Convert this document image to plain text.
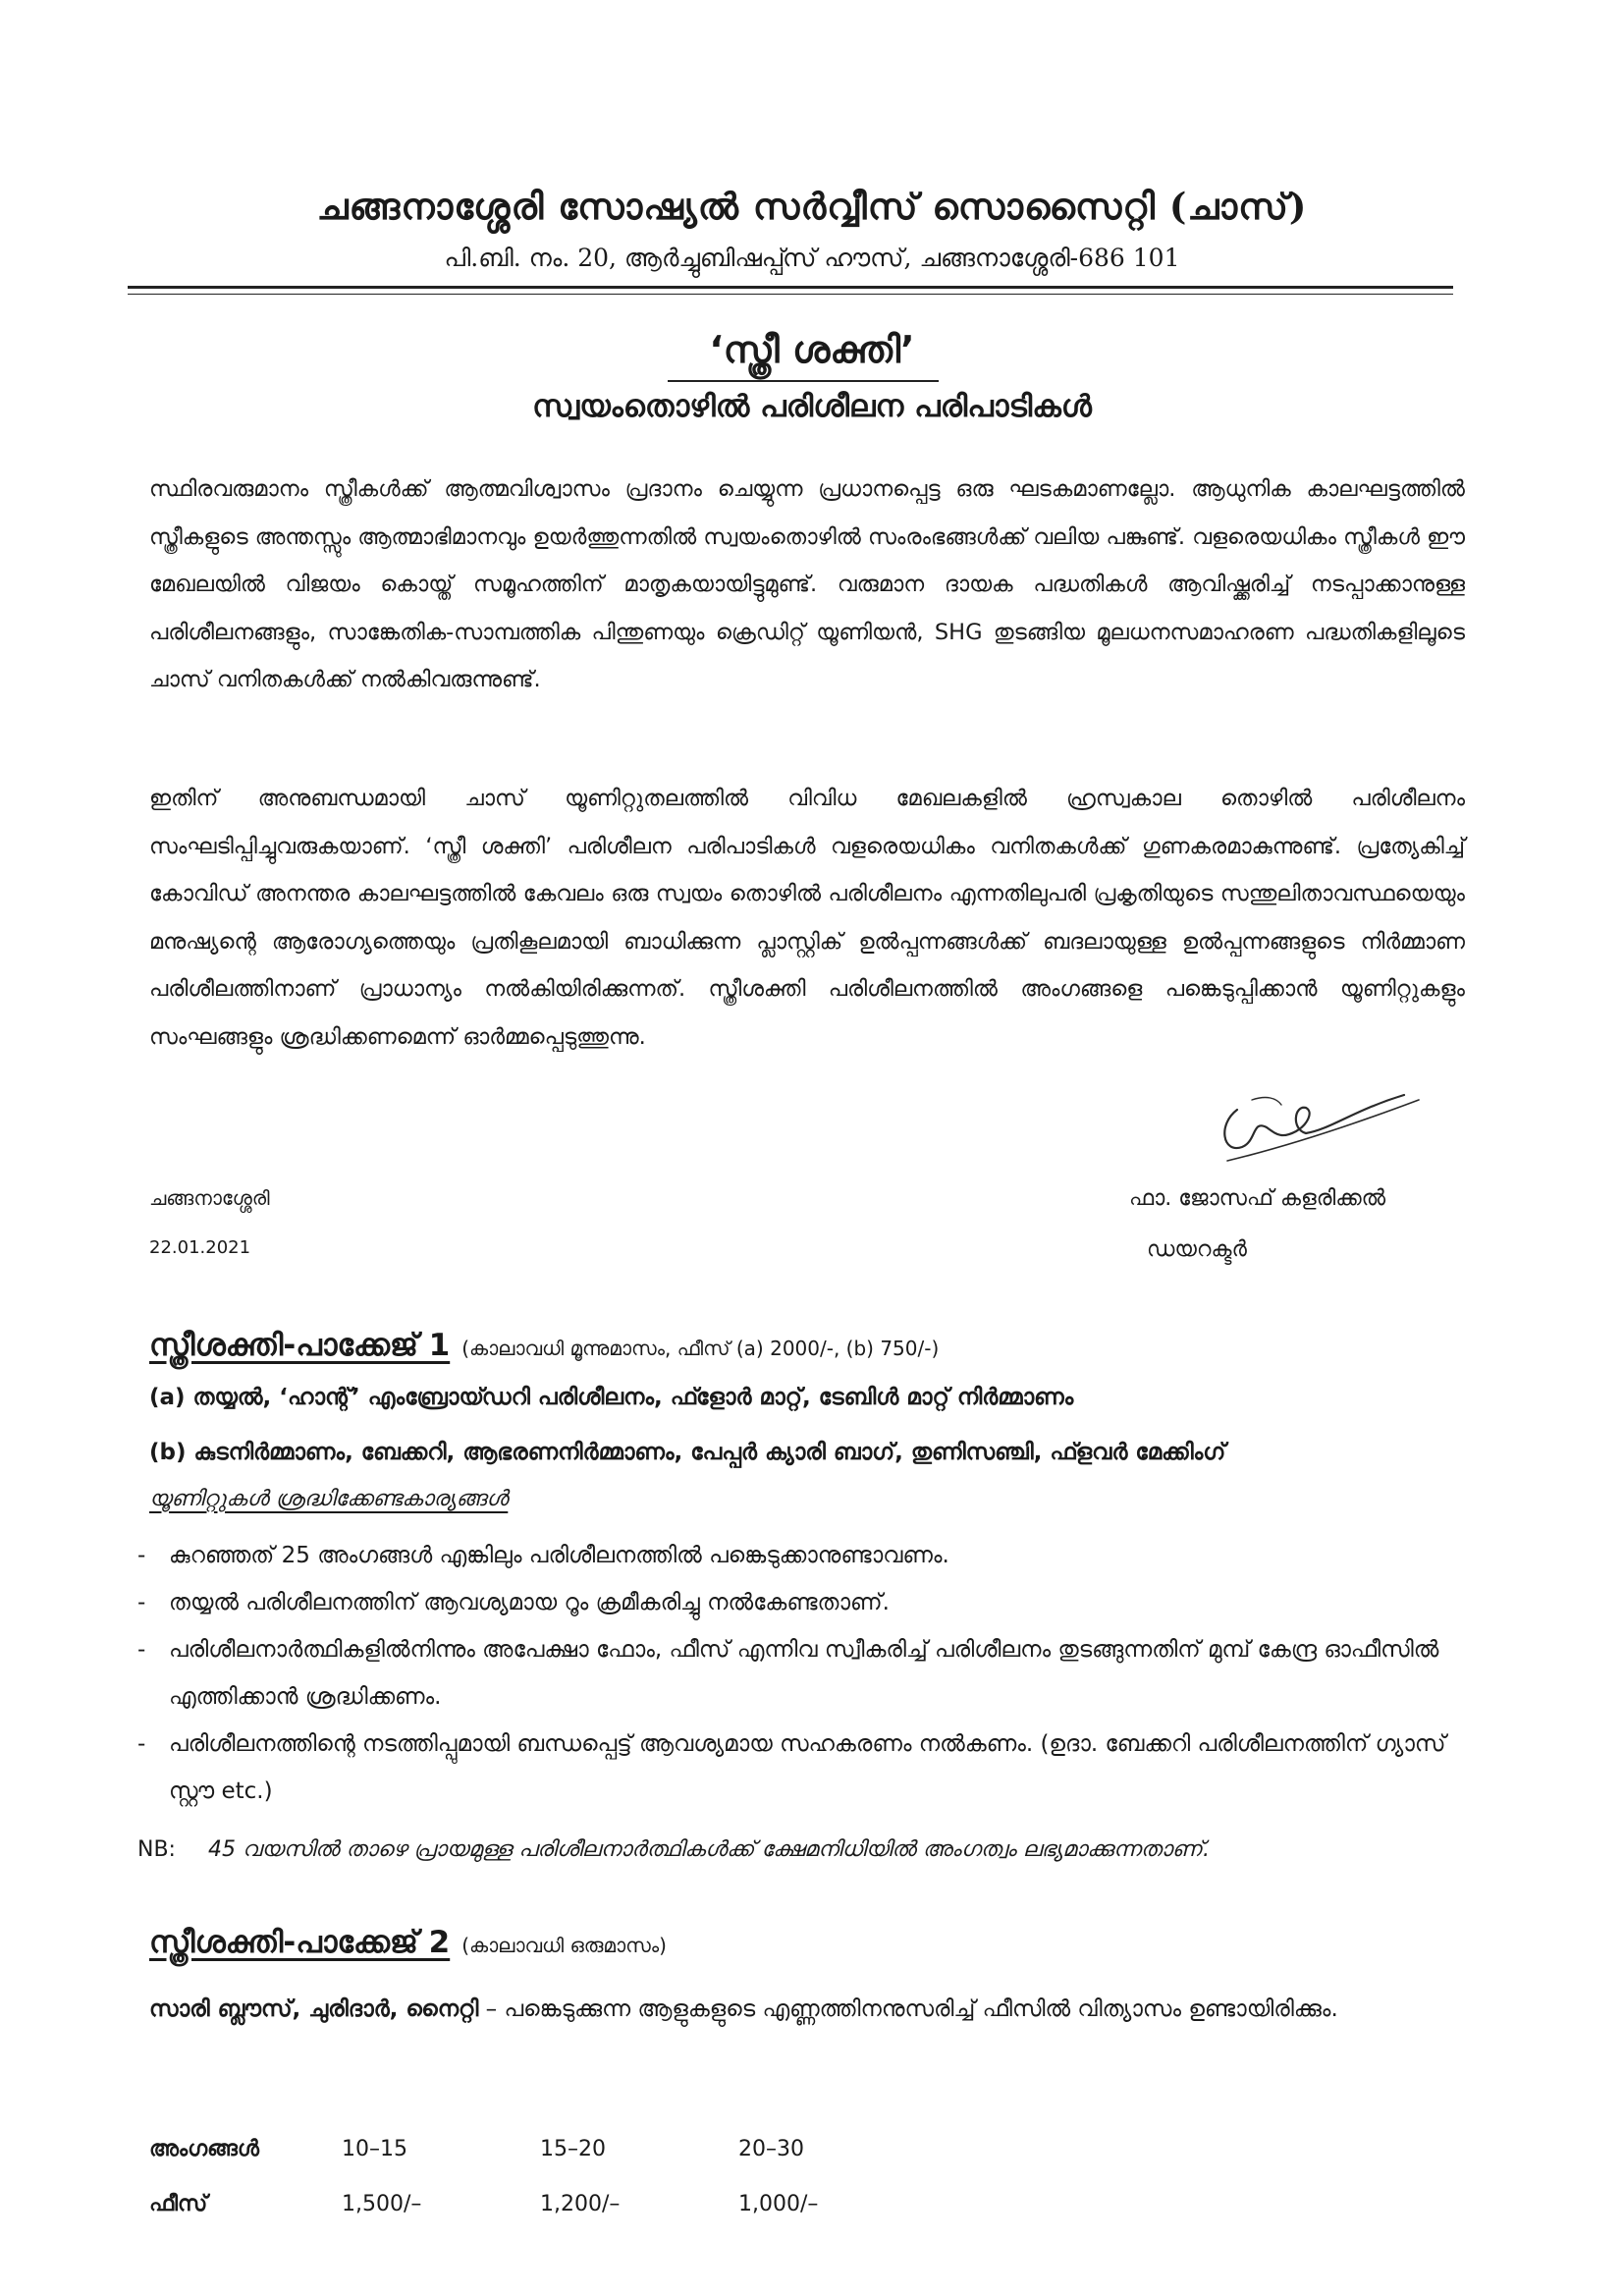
ചങ്ങനാശ്ശേരി സോഷ്യൽ സർവ്വീസ് സൊസൈറ്റി (ചാസ്)
പി.ബി. നം. 20, ആർച്ചുബിഷപ്പ്സ് ഹൗസ്, ചങ്ങനാശ്ശേരി-686 101
‘സ്ത്രീ ശക്തി’
സ്വയംതൊഴിൽ പരിശീലന പരിപാടികൾ
സ്ഥിരവരുമാനം സ്ത്രീകൾക്ക് ആത്മവിശ്വാസം പ്രദാനം ചെയ്യുന്ന പ്രധാനപ്പെട്ട ഒരു ഘടകമാണല്ലോ. ആധുനിക കാലഘട്ടത്തിൽ സ്ത്രീകളുടെ അന്തസ്സും ആത്മാഭിമാനവും ഉയർത്തുന്നതിൽ സ്വയംതൊഴിൽ സംരംഭങ്ങൾക്ക് വലിയ പങ്കുണ്ട്. വളരെയധികം സ്ത്രീകൾ ഈ മേഖലയിൽ വിജയം കൊയ്ത് സമൂഹത്തിന് മാതൃകയായിട്ടുമുണ്ട്. വരുമാന ദായക പദ്ധതികൾ ആവിഷ്ക്കരിച്ച് നടപ്പാക്കാനുള്ള പരിശീലനങ്ങളും, സാങ്കേതിക-സാമ്പത്തിക പിന്തുണയും ക്രെഡിറ്റ് യൂണിയൻ, SHG തുടങ്ങിയ മൂലധനസമാഹരണ പദ്ധതികളിലൂടെ ചാസ് വനിതകൾക്ക് നൽകിവരുന്നുണ്ട്.
ഇതിന് അനുബന്ധമായി ചാസ് യൂണിറ്റുതലത്തിൽ വിവിധ മേഖലകളിൽ ഹ്രസ്വകാല തൊഴിൽ പരിശീലനം സംഘടിപ്പിച്ചുവരുകയാണ്. ‘സ്ത്രീ ശക്തി’ പരിശീലന പരിപാടികൾ വളരെയധികം വനിതകൾക്ക് ഗുണകരമാകുന്നുണ്ട്. പ്രത്യേകിച്ച് കോവിഡ് അനന്തര കാലഘട്ടത്തിൽ കേവലം ഒരു സ്വയം തൊഴിൽ പരിശീലനം എന്നതിലുപരി പ്രകൃതിയുടെ സന്തുലിതാവസ്ഥയെയും മനുഷ്യന്റെ ആരോഗ്യത്തെയും പ്രതികൂലമായി ബാധിക്കുന്ന പ്ലാസ്റ്റിക് ഉൽപ്പന്നങ്ങൾക്ക് ബദലായുള്ള ഉൽപ്പന്നങ്ങളുടെ നിർമ്മാണ പരിശീലത്തിനാണ് പ്രാധാന്യം നൽകിയിരിക്കുന്നത്. സ്ത്രീശക്തി പരിശീലനത്തിൽ അംഗങ്ങളെ പങ്കെടുപ്പിക്കാൻ യൂണിറ്റുകളും സംഘങ്ങളും ശ്രദ്ധിക്കണമെന്ന് ഓർമ്മപ്പെടുത്തുന്നു.
ചങ്ങനാശ്ശേരി
22.01.2021
ഫാ. ജോസഫ് കളരിക്കൽ
ഡയറക്ടർ
സ്ത്രീശക്തി-പാക്കേജ് 1 (കാലാവധി മൂന്നുമാസം, ഫീസ് (a) 2000/-, (b) 750/-)
(a) തയ്യൽ, ‘ഹാന്റ്’ എംബ്രോയ്ഡറി പരിശീലനം, ഫ്ളോർ മാറ്റ്, ടേബിൾ മാറ്റ് നിർമ്മാണം
(b) കുടനിർമ്മാണം, ബേക്കറി, ആഭരണനിർമ്മാണം, പേപ്പർ ക്യാരി ബാഗ്, തുണിസഞ്ചി, ഫ്ളവർ മേക്കിംഗ്
യൂണിറ്റുകൾ ശ്രദ്ധിക്കേണ്ടകാര്യങ്ങൾ
-	കുറഞ്ഞത് 25 അംഗങ്ങൾ എങ്കിലും പരിശീലനത്തിൽ പങ്കെടുക്കാനുണ്ടാവണം.
-	തയ്യൽ പരിശീലനത്തിന് ആവശ്യമായ റൂം ക്രമീകരിച്ചു നൽകേണ്ടതാണ്.
-	പരിശീലനാർത്ഥികളിൽനിന്നും അപേക്ഷാ ഫോം, ഫീസ് എന്നിവ സ്വീകരിച്ച് പരിശീലനം തുടങ്ങുന്നതിന് മുമ്പ് കേന്ദ്ര ഓഫീസിൽ എത്തിക്കാൻ ശ്രദ്ധിക്കണം.
-	പരിശീലനത്തിന്റെ നടത്തിപ്പുമായി ബന്ധപ്പെട്ട് ആവശ്യമായ സഹകരണം നൽകണം. (ഉദാ. ബേക്കറി പരിശീലനത്തിന് ഗ്യാസ് സ്റ്റൗ etc.)
NB:	45 വയസിൽ താഴെ പ്രായമുള്ള പരിശീലനാർത്ഥികൾക്ക് ക്ഷേമനിധിയിൽ അംഗത്വം ലഭ്യമാക്കുന്നതാണ്.
സ്ത്രീശക്തി-പാക്കേജ് 2 (കാലാവധി ഒരുമാസം)
സാരി ബ്ലൗസ്, ചുരിദാർ, നൈറ്റി – പങ്കെടുക്കുന്ന ആളുകളുടെ എണ്ണത്തിനനുസരിച്ച് ഫീസിൽ വിത്യാസം ഉണ്ടായിരിക്കും.
അംഗങ്ങൾ	10–15	15–20	20–30
ഫീസ്	1,500/–	1,200/–	1,000/–
